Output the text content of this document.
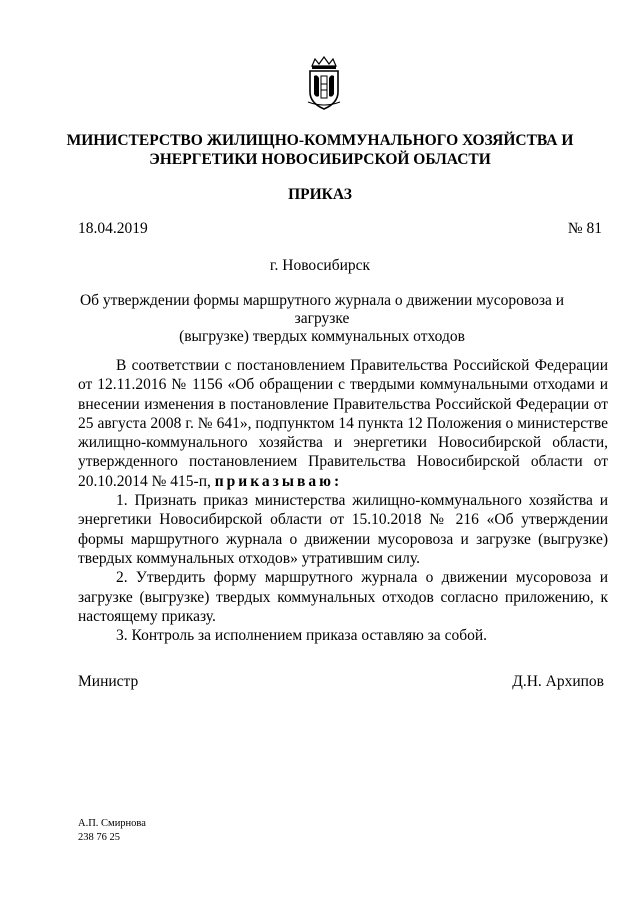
МИНИСТЕРСТВО ЖИЛИЩНО-КОММУНАЛЬНОГО ХОЗЯЙСТВА И
ЭНЕРГЕТИКИ НОВОСИБИРСКОЙ ОБЛАСТИ
ПРИКАЗ
18.04.2019	№ 81
г. Новосибирск
Об утверждении формы маршрутного журнала о движении мусоровоза и загрузке
(выгрузке) твердых коммунальных отходов

В соответствии с постановлением Правительства Российской Федерации от 12.11.2016 № 1156 «Об обращении с твердыми коммунальными отходами и внесении изменения в постановление Правительства Российской Федерации от 25 августа 2008 г. № 641», подпунктом 14 пункта 12 Положения о министерстве жилищно-коммунального хозяйства и энергетики Новосибирской области, утвержденного постановлением Правительства Новосибирской области от 20.10.2014 № 415-п, приказываю:

1. Признать приказ министерства жилищно-коммунального хозяйства и энергетики Новосибирской области от 15.10.2018 № 216 «Об утверждении формы маршрутного журнала о движении мусоровоза и загрузке (выгрузке) твердых коммунальных отходов» утратившим силу.

2. Утвердить форму маршрутного журнала о движении мусоровоза и загрузке (выгрузке) твердых коммунальных отходов согласно приложению, к настоящему приказу.

3. Контроль за исполнением приказа оставляю за собой.

Министр	Д.Н. Архипов
А.П. Смирнова
238 76 25
